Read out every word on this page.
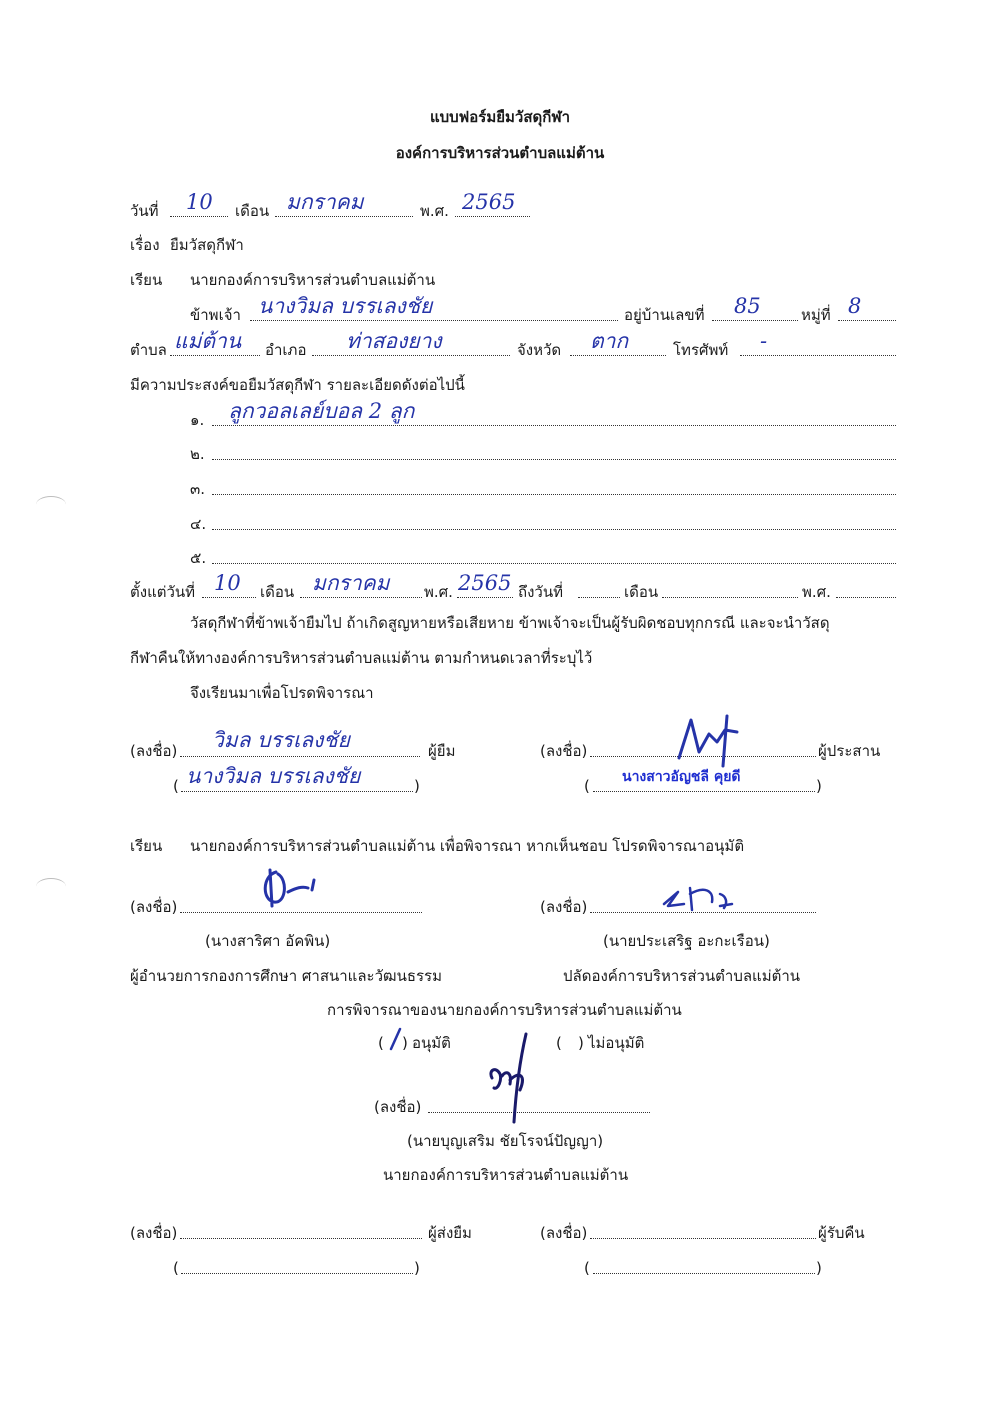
แบบฟอร์มยืมวัสดุกีฬา
องค์การบริหารส่วนตำบลแม่ต้าน
วันที่ 10 เดือน มกราคม	พ.ศ. 2565
เรื่อง ยืมวัสดุกีฬา
เรียน นายกองค์การบริหารส่วนตำบลแม่ต้าน
ข้าพเจ้า นางวิมล บรรเลงชัย	อยู่บ้านเลขที่ 85	หมู่ที่ 8
ตำบล แม่ต้าน อำเภอ ท่าสองยาง	จังหวัด ตาก	โทรศัพท์ -
มีความประสงค์ขอยืมวัสดุกีฬา รายละเอียดดังต่อไปนี้
๑. ลูกวอลเลย์บอล 2 ลูก
๒.
๓.
๔.
๕.
ตั้งแต่วันที่ 10 เดือน มกราคม พ.ศ. 2565 ถึงวันที่	เดือน	พ.ศ.
วัสดุกีฬาที่ข้าพเจ้ายืมไป ถ้าเกิดสูญหายหรือเสียหาย ข้าพเจ้าจะเป็นผู้รับผิดชอบทุกกรณี และจะนำวัสดุ
กีฬาคืนให้ทางองค์การบริหารส่วนตำบลแม่ต้าน ตามกำหนดเวลาที่ระบุไว้
จึงเรียนมาเพื่อโปรดพิจารณา
(ลงชื่อ) วิมล บรรเลงชัย	ผู้ยืม
( นางวิมล บรรเลงชัย	)
(ลงชื่อ)	ผู้ประสาน
( นางสาวอัญชลี คุยดี	)
เรียน นายกองค์การบริหารส่วนตำบลแม่ต้าน เพื่อพิจารณา หากเห็นชอบ โปรดพิจารณาอนุมัติ
(ลงชื่อ)
(นางสาริศา อัคพิน)
ผู้อำนวยการกองการศึกษา ศาสนาและวัฒนธรรม
(ลงชื่อ)
(นายประเสริฐ อะกะเรือน)
ปลัดองค์การบริหารส่วนตำบลแม่ต้าน
การพิจารณาของนายกองค์การบริหารส่วนตำบลแม่ต้าน
( ) อนุมัติ	( ) ไม่อนุมัติ
(ลงชื่อ)
(นายบุญเสริม ชัยโรจน์ปัญญา)
นายกองค์การบริหารส่วนตำบลแม่ต้าน
(ลงชื่อ)	ผู้ส่งยืม
(	)
(ลงชื่อ)	ผู้รับคืน
(	)
